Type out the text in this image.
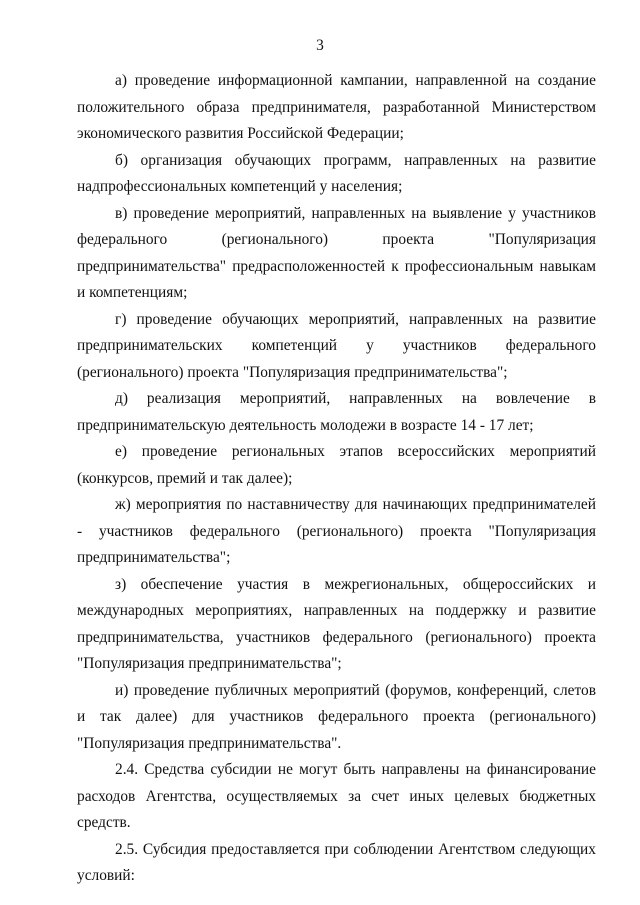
3

а) проведение информационной кампании, направленной на создание положительного образа предпринимателя, разработанной Министерством экономического развития Российской Федерации;

б) организация обучающих программ, направленных на развитие надпрофессиональных компетенций у населения;

в) проведение мероприятий, направленных на выявление у участников федерального (регионального) проекта "Популяризация предпринимательства" предрасположенностей к профессиональным навыкам и компетенциям;

г) проведение обучающих мероприятий, направленных на развитие предпринимательских компетенций у участников федерального (регионального) проекта "Популяризация предпринимательства";

д) реализация мероприятий, направленных на вовлечение в предпринимательскую деятельность молодежи в возрасте 14 - 17 лет;

е) проведение региональных этапов всероссийских мероприятий (конкурсов, премий и так далее);

ж) мероприятия по наставничеству для начинающих предпринимателей - участников федерального (регионального) проекта "Популяризация предпринимательства";

з) обеспечение участия в межрегиональных, общероссийских и международных мероприятиях, направленных на поддержку и развитие предпринимательства, участников федерального (регионального) проекта "Популяризация предпринимательства";

и) проведение публичных мероприятий (форумов, конференций, слетов и так далее) для участников федерального проекта (регионального) "Популяризация предпринимательства".

2.4. Средства субсидии не могут быть направлены на финансирование расходов Агентства, осуществляемых за счет иных целевых бюджетных средств.

2.5. Субсидия предоставляется при соблюдении Агентством следующих условий:
